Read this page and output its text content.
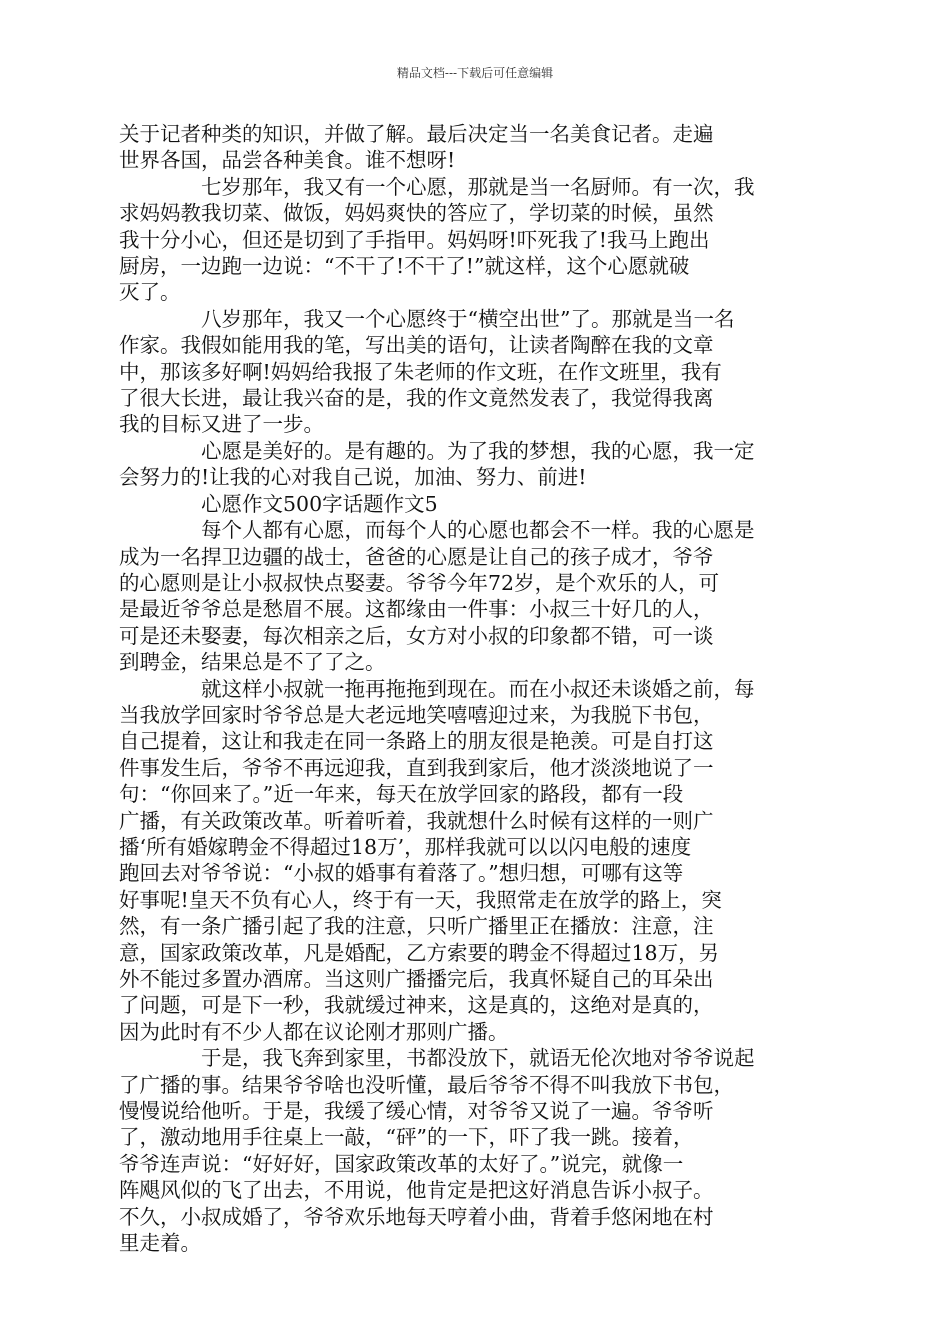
精品文档---下载后可任意编辑
关于记者种类的知识，并做了解。最后决定当一名美食记者。走遍
世界各国，品尝各种美食。谁不想呀!
七岁那年，我又有一个心愿，那就是当一名厨师。有一次，我
求妈妈教我切菜、做饭，妈妈爽快的答应了，学切菜的时候，虽然
我十分小心，但还是切到了手指甲。妈妈呀!吓死我了!我马上跑出
厨房，一边跑一边说：“不干了!不干了!”就这样，这个心愿就破
灭了。
八岁那年，我又一个心愿终于“横空出世”了。那就是当一名
作家。我假如能用我的笔，写出美的语句，让读者陶醉在我的文章
中，那该多好啊!妈妈给我报了朱老师的作文班，在作文班里，我有
了很大长进，最让我兴奋的是，我的作文竟然发表了，我觉得我离
我的目标又进了一步。
心愿是美好的。是有趣的。为了我的梦想，我的心愿，我一定
会努力的!让我的心对我自己说，加油、努力、前进!
心愿作文500字话题作文5
每个人都有心愿，而每个人的心愿也都会不一样。我的心愿是
成为一名捍卫边疆的战士，爸爸的心愿是让自己的孩子成才，爷爷
的心愿则是让小叔叔快点娶妻。爷爷今年72岁，是个欢乐的人，可
是最近爷爷总是愁眉不展。这都缘由一件事：小叔三十好几的人，
可是还未娶妻，每次相亲之后，女方对小叔的印象都不错，可一谈
到聘金，结果总是不了了之。
就这样小叔就一拖再拖拖到现在。而在小叔还未谈婚之前，每
当我放学回家时爷爷总是大老远地笑嘻嘻迎过来，为我脱下书包，
自己提着，这让和我走在同一条路上的朋友很是艳羡。可是自打这
件事发生后，爷爷不再远迎我，直到我到家后，他才淡淡地说了一
句：“你回来了。”近一年来，每天在放学回家的路段，都有一段
广播，有关政策改革。听着听着，我就想什么时候有这样的一则广
播‘所有婚嫁聘金不得超过18万’，那样我就可以以闪电般的速度
跑回去对爷爷说：“小叔的婚事有着落了。”想归想，可哪有这等
好事呢!皇天不负有心人，终于有一天，我照常走在放学的路上，突
然，有一条广播引起了我的注意，只听广播里正在播放：注意，注
意，国家政策改革，凡是婚配，乙方索要的聘金不得超过18万，另
外不能过多置办酒席。当这则广播播完后，我真怀疑自己的耳朵出
了问题，可是下一秒，我就缓过神来，这是真的，这绝对是真的，
因为此时有不少人都在议论刚才那则广播。
于是，我飞奔到家里，书都没放下，就语无伦次地对爷爷说起
了广播的事。结果爷爷啥也没听懂，最后爷爷不得不叫我放下书包，
慢慢说给他听。于是，我缓了缓心情，对爷爷又说了一遍。爷爷听
了，激动地用手往桌上一敲，“砰”的一下，吓了我一跳。接着，
爷爷连声说：“好好好，国家政策改革的太好了。”说完，就像一
阵飓风似的飞了出去，不用说，他肯定是把这好消息告诉小叔子。
不久，小叔成婚了，爷爷欢乐地每天哼着小曲，背着手悠闲地在村
里走着。
